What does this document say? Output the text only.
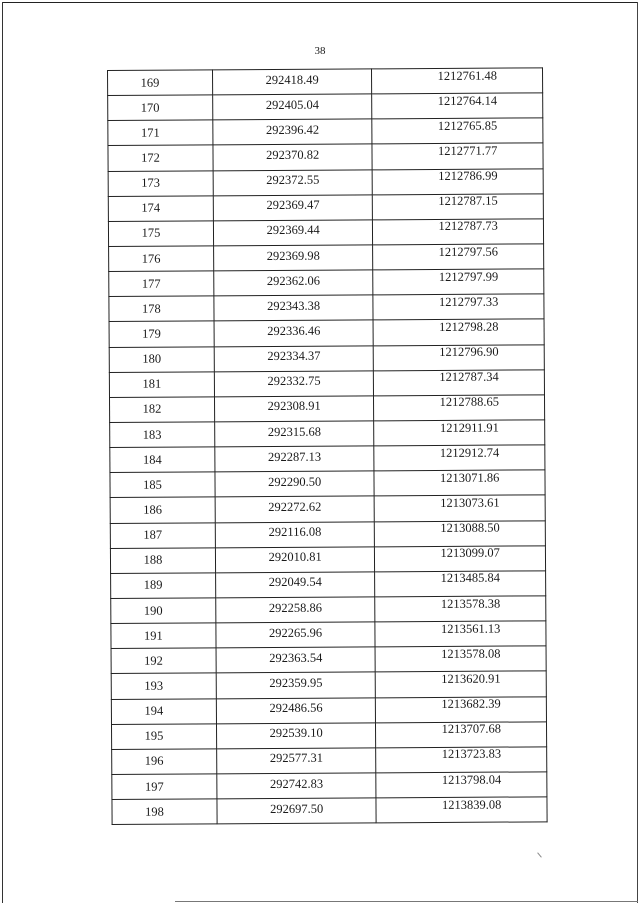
38
169	292418.49	1212761.48
170	292405.04	1212764.14
171	292396.42	1212765.85
172	292370.82	1212771.77
173	292372.55	1212786.99
174	292369.47	1212787.15
175	292369.44	1212787.73
176	292369.98	1212797.56
177	292362.06	1212797.99
178	292343.38	1212797.33
179	292336.46	1212798.28
180	292334.37	1212796.90
181	292332.75	1212787.34
182	292308.91	1212788.65
183	292315.68	1212911.91
184	292287.13	1212912.74
185	292290.50	1213071.86
186	292272.62	1213073.61
187	292116.08	1213088.50
188	292010.81	1213099.07
189	292049.54	1213485.84
190	292258.86	1213578.38
191	292265.96	1213561.13
192	292363.54	1213578.08
193	292359.95	1213620.91
194	292486.56	1213682.39
195	292539.10	1213707.68
196	292577.31	1213723.83
197	292742.83	1213798.04
198	292697.50	1213839.08
